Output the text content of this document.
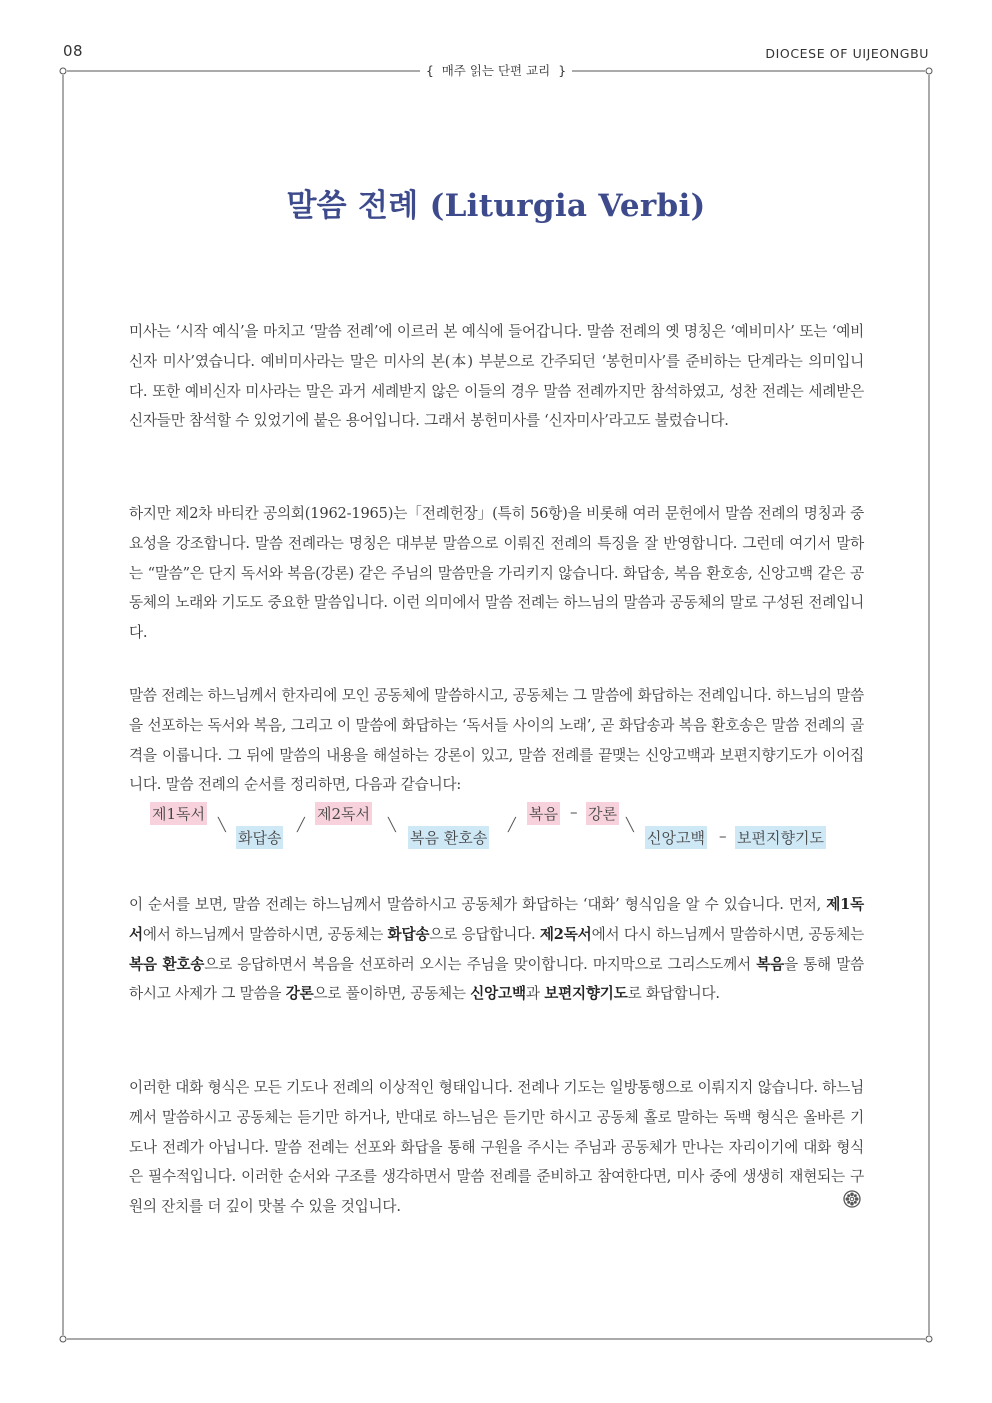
08	DIOCESE OF UIJEONGBU
{ 매주 읽는 단편 교리 }
말씀 전례 (Liturgia Verbi)

미사는 ‘시작 예식’을 마치고 ‘말씀 전례’에 이르러 본 예식에 들어갑니다. 말씀 전례의 옛 명칭은 ‘예비미사’ 또는 ‘예비신자 미사’였습니다. 예비미사라는 말은 미사의 본(本) 부분으로 간주되던 ‘봉헌미사’를 준비하는 단계라는 의미입니다. 또한 예비신자 미사라는 말은 과거 세례받지 않은 이들의 경우 말씀 전례까지만 참석하였고, 성찬 전례는 세례받은 신자들만 참석할 수 있었기에 붙은 용어입니다. 그래서 봉헌미사를 ‘신자미사’라고도 불렀습니다.

하지만 제2차 바티칸 공의회(1962-1965)는「전례헌장」(특히 56항)을 비롯해 여러 문헌에서 말씀 전례의 명칭과 중요성을 강조합니다. 말씀 전례라는 명칭은 대부분 말씀으로 이뤄진 전례의 특징을 잘 반영합니다. 그런데 여기서 말하는 “말씀”은 단지 독서와 복음(강론) 같은 주님의 말씀만을 가리키지 않습니다. 화답송, 복음 환호송, 신앙고백 같은 공동체의 노래와 기도도 중요한 말씀입니다. 이런 의미에서 말씀 전례는 하느님의 말씀과 공동체의 말로 구성된 전례입니다.

말씀 전례는 하느님께서 한자리에 모인 공동체에 말씀하시고, 공동체는 그 말씀에 화답하는 전례입니다. 하느님의 말씀을 선포하는 독서와 복음, 그리고 이 말씀에 화답하는 ‘독서들 사이의 노래’, 곧 화답송과 복음 환호송은 말씀 전례의 골격을 이룹니다. 그 뒤에 말씀의 내용을 해설하는 강론이 있고, 말씀 전례를 끝맺는 신앙고백과 보편지향기도가 이어집니다. 말씀 전례의 순서를 정리하면, 다음과 같습니다:

제1독서
╲
화답송
╱
제2독서
╲
복음 환호송
╱
복음 – 강론
╲
신앙고백 – 보편지향기도

이 순서를 보면, 말씀 전례는 하느님께서 말씀하시고 공동체가 화답하는 ‘대화’ 형식임을 알 수 있습니다. 먼저, 제1독서에서 하느님께서 말씀하시면, 공동체는 화답송으로 응답합니다. 제2독서에서 다시 하느님께서 말씀하시면, 공동체는 복음 환호송으로 응답하면서 복음을 선포하러 오시는 주님을 맞이합니다. 마지막으로 그리스도께서 복음을 통해 말씀하시고 사제가 그 말씀을 강론으로 풀이하면, 공동체는 신앙고백과 보편지향기도로 화답합니다.

이러한 대화 형식은 모든 기도나 전례의 이상적인 형태입니다. 전례나 기도는 일방통행으로 이뤄지지 않습니다. 하느님께서 말씀하시고 공동체는 듣기만 하거나, 반대로 하느님은 듣기만 하시고 공동체 홀로 말하는 독백 형식은 올바른 기도나 전례가 아닙니다. 말씀 전례는 선포와 화답을 통해 구원을 주시는 주님과 공동체가 만나는 자리이기에 대화 형식은 필수적입니다. 이러한 순서와 구조를 생각하면서 말씀 전례를 준비하고 참여한다면, 미사 중에 생생히 재현되는 구원의 잔치를 더 깊이 맛볼 수 있을 것입니다.
